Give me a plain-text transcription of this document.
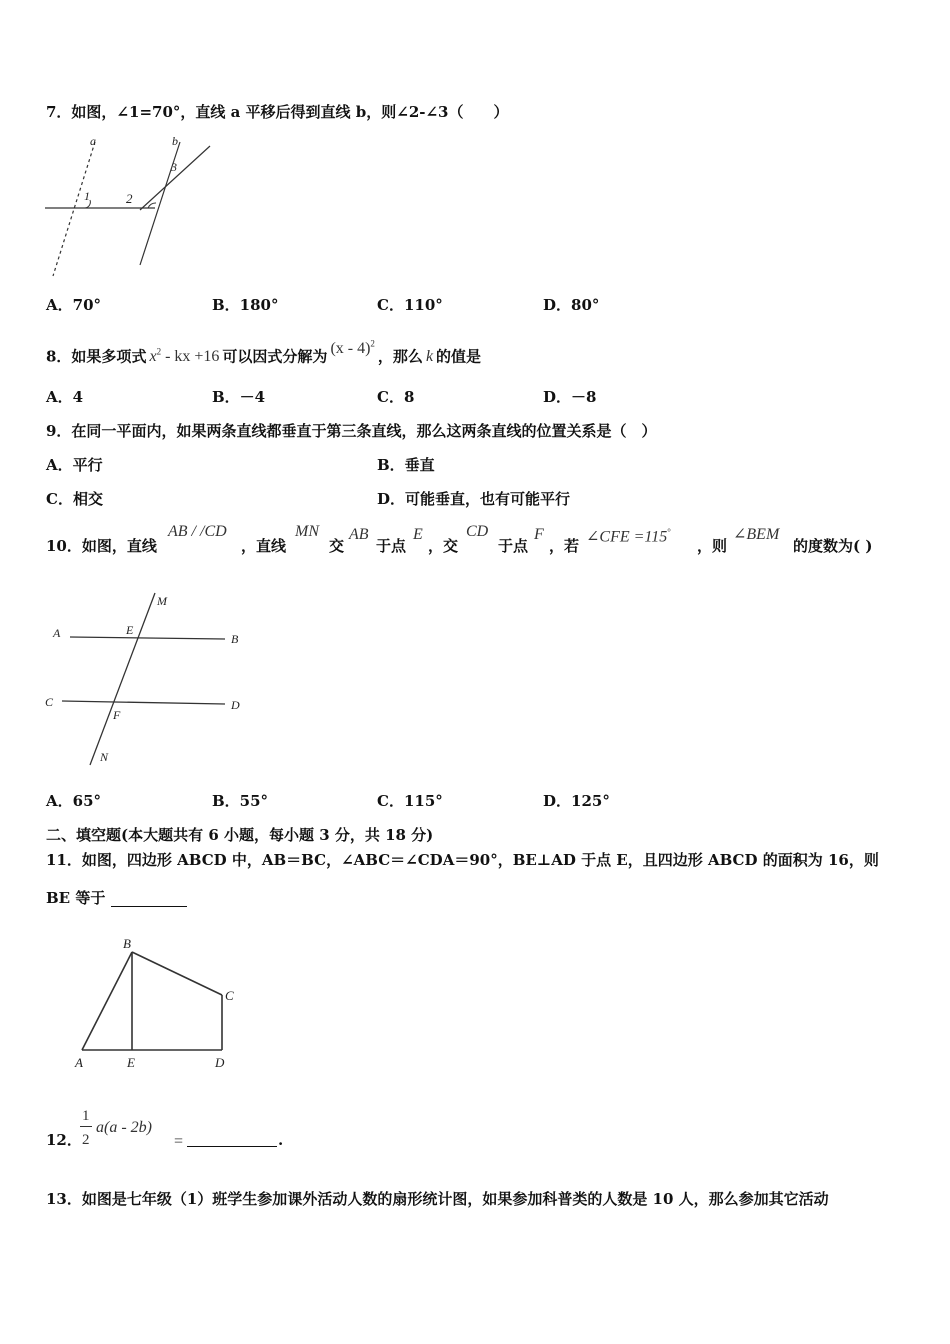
7．如图，∠1=70°，直线 a 平移后得到直线 b，则∠2-∠3（　　）
a	b
1	2
3
A．70°	B．180°	C．110°	D．80°
8．如果多项式 $x^2$ - kx +16 可以因式分解为 (x - 4)$^2$，那么 k 的值是
A．4	B．－4	C．8	D．－8
9．在同一平面内，如果两条直线都垂直于第三条直线，那么这两条直线的位置关系是（　）
A．平行	B．垂直
C．相交	D．可能垂直，也有可能平行
10．如图，直线
AB / /CD
，直线
MN
交
AB
于点
E
，交
CD
于点
F
，若
∠CFE =115°
，则
∠BEM
的度数为( )
M
A	E
B
C
F
D
N
A．65°	B．55°	C．115°	D．125°
二、填空题(本大题共有 6 小题，每小题 3 分，共 18 分)
11．如图，四边形 ABCD 中，AB＝BC，∠ABC＝∠CDA＝90°，BE⊥AD 于点 E，且四边形 ABCD 的面积为 16，则
BE 等于
B
C
A	E	D
12．
1
2
a(a - 2b)
=	.
13．如图是七年级（1）班学生参加课外活动人数的扇形统计图，如果参加科普类的人数是 10 人，那么参加其它活动
